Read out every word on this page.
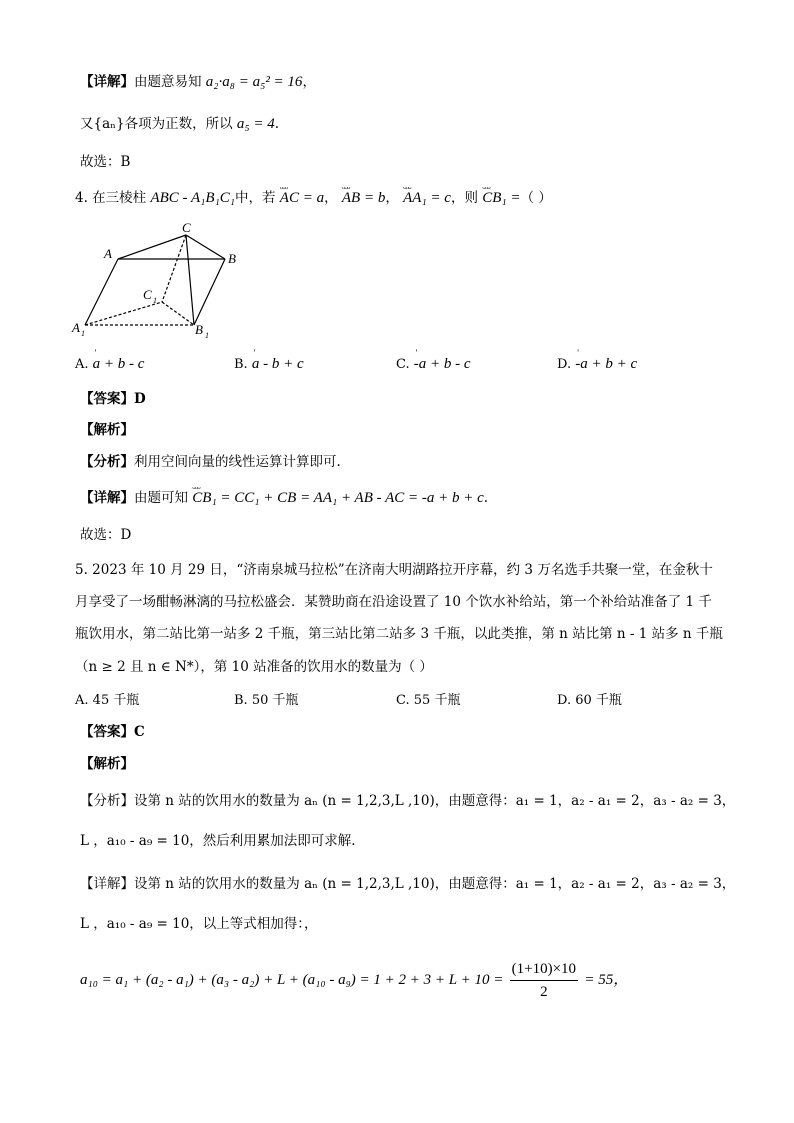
【详解】由题意易知 a₂·a₈ = a₅² = 16，
又{aₙ}各项为正数，所以 a₅ = 4.
故选：B
4. 在三棱柱 ABC - A₁B₁C₁中，若 ᴗᴗᴗ AC = a， ᴗᴗᴗ AB = b， ᴗᴗᴗ AA₁ = c，则 ᴗᴗᴗ CB₁ =（ ）
A
C
B
C 1
A 1	B 1
A. ' a + b - c	B. ' a - b + c	C. ' -a + b - c	D. ' -a + b + c
【答案】D
【解析】
【分析】利用空间向量的线性运算计算即可.
【详解】由题可知 ᴗᴗᴗ CB₁ = CC₁ + CB = AA₁ + AB - AC = -a + b + c.
故选：D
5. 2023 年 10 月 29 日，“济南泉城马拉松”在济南大明湖路拉开序幕，约 3 万名选手共聚一堂，在金秋十
月享受了一场酣畅淋漓的马拉松盛会．某赞助商在沿途设置了 10 个饮水补给站，第一个补给站准备了 1 千
瓶饮用水，第二站比第一站多 2 千瓶，第三站比第二站多 3 千瓶，以此类推，第 n 站比第 n - 1 站多 n 千瓶
（n ≥ 2 且 n ∈ N*），第 10 站准备的饮用水的数量为（ ）
A. 45 千瓶	B. 50 千瓶	C. 55 千瓶	D. 60 千瓶
【答案】C
【解析】
【分析】设第 n 站的饮用水的数量为 aₙ (n = 1,2,3,L ,10)，由题意得：a₁ = 1，a₂ - a₁ = 2，a₃ - a₂ = 3，
L ，a₁₀ - a₉ = 10，然后利用累加法即可求解.
【详解】设第 n 站的饮用水的数量为 aₙ (n = 1,2,3,L ,10)，由题意得：a₁ = 1，a₂ - a₁ = 2，a₃ - a₂ = 3，
L ，a₁₀ - a₉ = 10，以上等式相加得：，
$a_{10} = a_1 + (a_2 - a_1) + (a_3 - a_2) + L + (a_{10} - a_9) = 1 + 2 + 3 + L + 10 = \frac{(1+10)\times 10}{2} = 55$，
